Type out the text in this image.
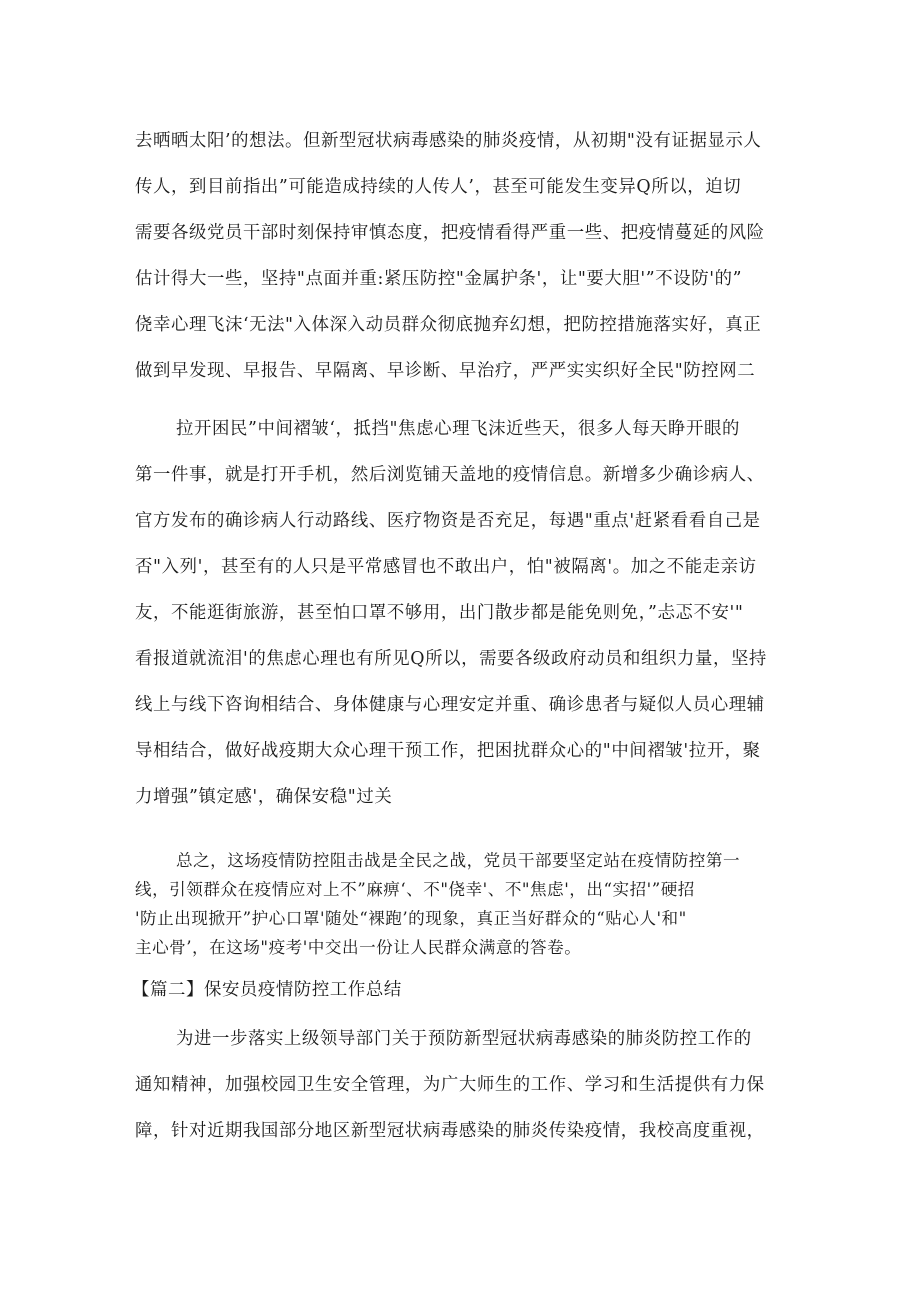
去晒晒太阳’的想法。但新型冠状病毒感染的肺炎疫情，从初期"没有证据显示人
传人，到目前指出”可能造成持续的人传人’，甚至可能发生变异Q所以，迫切
需要各级党员干部时刻保持审慎态度，把疫情看得严重一些、把疫情蔓延的风险
估计得大一些，坚持"点面并重:紧压防控"金属护条'，让"要大胆'”不设防'的”
侥幸心理飞沫‘无法"入体深入动员群众彻底抛弃幻想，把防控措施落实好，真正
做到早发现、早报告、早隔离、早诊断、早治疗，严严实实织好全民"防控网二
拉开困民”中间褶皱‘，抵挡"焦虑心理飞沫近些天，很多人每天睁开眼的
第一件事，就是打开手机，然后浏览铺天盖地的疫情信息。新增多少确诊病人、
官方发布的确诊病人行动路线、医疗物资是否充足，每遇"重点'赶紧看看自己是
否"入列'，甚至有的人只是平常感冒也不敢出户，怕"被隔离'。加之不能走亲访
友，不能逛街旅游，甚至怕口罩不够用，出门散步都是能免则免，”忐忑不安'"
看报道就流泪'的焦虑心理也有所见Q所以，需要各级政府动员和组织力量，坚持
线上与线下咨询相结合、身体健康与心理安定并重、确诊患者与疑似人员心理辅
导相结合，做好战疫期大众心理干预工作，把困扰群众心的"中间褶皱'拉开，聚
力增强”镇定感'，确保安稳"过关
总之，这场疫情防控阻击战是全民之战，党员干部要坚定站在疫情防控第一
线，引领群众在疫情应对上不”麻痹‘、不"侥幸'、不"焦虑'，出“实招'”硬招
'防止出现掀开”护心口罩'随处“裸跑’的现象，真正当好群众的“贴心人'和"
主心骨’，在这场"疫考'中交出一份让人民群众满意的答卷。
【篇二】保安员疫情防控工作总结
为进一步落实上级领导部门关于预防新型冠状病毒感染的肺炎防控工作的
通知精神，加强校园卫生安全管理，为广大师生的工作、学习和生活提供有力保
障，针对近期我国部分地区新型冠状病毒感染的肺炎传染疫情，我校高度重视，
